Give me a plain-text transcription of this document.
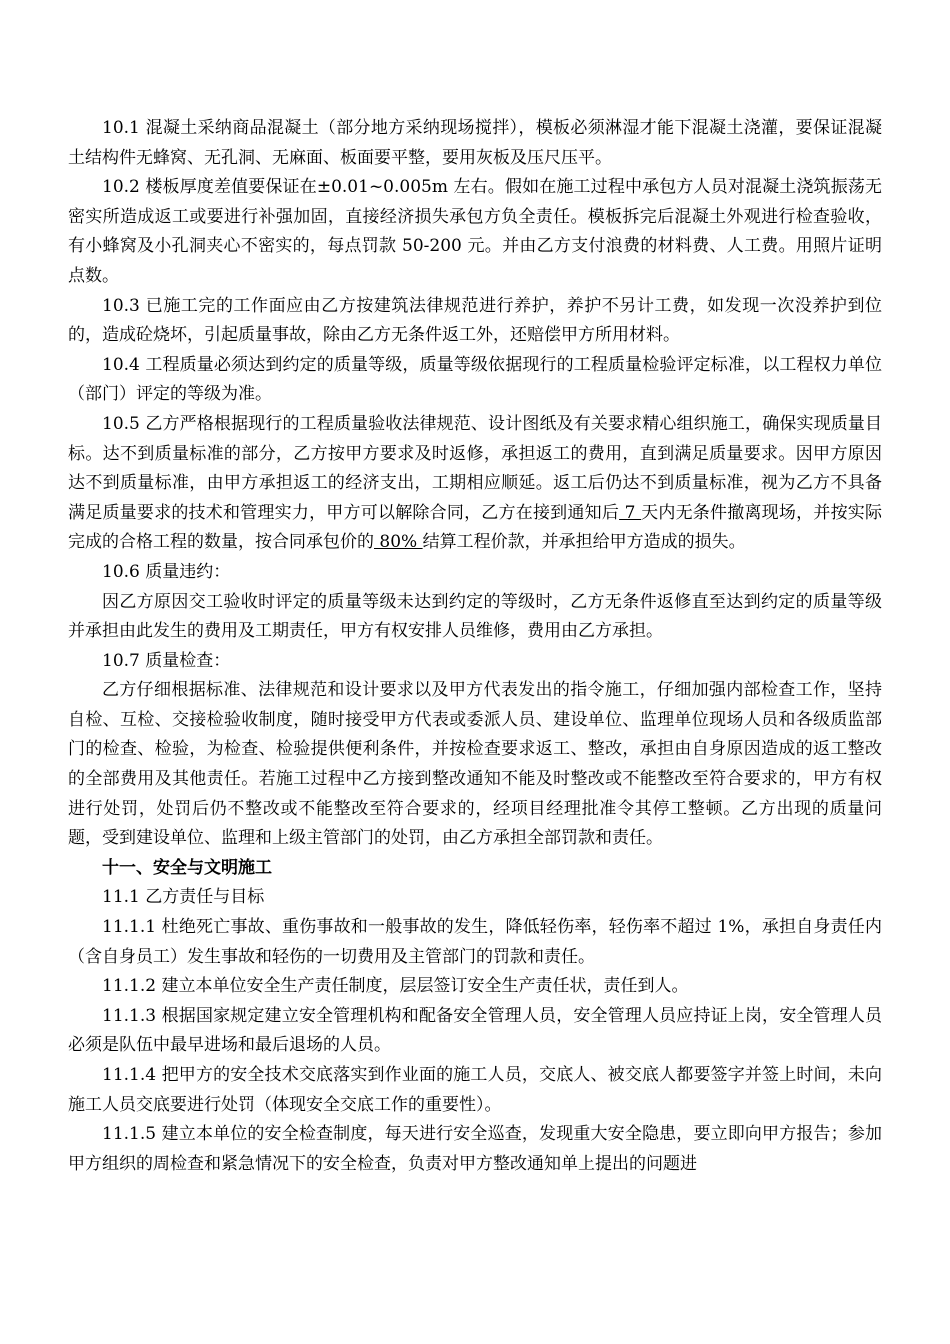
10.1 混凝土采纳商品混凝土（部分地方采纳现场搅拌），模板必须淋湿才能下混凝土浇灌，要保证混凝土结构件无蜂窝、无孔洞、无麻面、板面要平整，要用灰板及压尺压平。

10.2 楼板厚度差值要保证在±0.01~0.005m 左右。假如在施工过程中承包方人员对混凝土浇筑振荡无密实所造成返工或要进行补强加固，直接经济损失承包方负全责任。模板拆完后混凝土外观进行检查验收，有小蜂窝及小孔洞夹心不密实的，每点罚款 50-200 元。并由乙方支付浪费的材料费、人工费。用照片证明点数。

10.3 已施工完的工作面应由乙方按建筑法律规范进行养护，养护不另计工费，如发现一次没养护到位的，造成砼烧坏，引起质量事故，除由乙方无条件返工外，还赔偿甲方所用材料。

10.4 工程质量必须达到约定的质量等级，质量等级依据现行的工程质量检验评定标准，以工程权力单位（部门）评定的等级为准。

10.5 乙方严格根据现行的工程质量验收法律规范、设计图纸及有关要求精心组织施工，确保实现质量目标。达不到质量标准的部分，乙方按甲方要求及时返修，承担返工的费用，直到满足质量要求。因甲方原因达不到质量标准，由甲方承担返工的经济支出，工期相应顺延。返工后仍达不到质量标准，视为乙方不具备满足质量要求的技术和管理实力，甲方可以解除合同，乙方在接到通知后 7 天内无条件撤离现场，并按实际完成的合格工程的数量，按合同承包价的 80% 结算工程价款，并承担给甲方造成的损失。

10.6 质量违约：

因乙方原因交工验收时评定的质量等级未达到约定的等级时，乙方无条件返修直至达到约定的质量等级并承担由此发生的费用及工期责任，甲方有权安排人员维修，费用由乙方承担。

10.7 质量检查：

乙方仔细根据标准、法律规范和设计要求以及甲方代表发出的指令施工，仔细加强内部检查工作，坚持自检、互检、交接检验收制度，随时接受甲方代表或委派人员、建设单位、监理单位现场人员和各级质监部门的检查、检验，为检查、检验提供便利条件，并按检查要求返工、整改，承担由自身原因造成的返工整改的全部费用及其他责任。若施工过程中乙方接到整改通知不能及时整改或不能整改至符合要求的，甲方有权进行处罚，处罚后仍不整改或不能整改至符合要求的，经项目经理批准令其停工整顿。乙方出现的质量问题，受到建设单位、监理和上级主管部门的处罚，由乙方承担全部罚款和责任。

十一、安全与文明施工

11.1 乙方责任与目标

11.1.1 杜绝死亡事故、重伤事故和一般事故的发生，降低轻伤率，轻伤率不超过 1%，承担自身责任内（含自身员工）发生事故和轻伤的一切费用及主管部门的罚款和责任。

11.1.2 建立本单位安全生产责任制度，层层签订安全生产责任状，责任到人。

11.1.3 根据国家规定建立安全管理机构和配备安全管理人员，安全管理人员应持证上岗，安全管理人员必须是队伍中最早进场和最后退场的人员。

11.1.4 把甲方的安全技术交底落实到作业面的施工人员，交底人、被交底人都要签字并签上时间，未向施工人员交底要进行处罚（体现安全交底工作的重要性）。

11.1.5 建立本单位的安全检查制度，每天进行安全巡查，发现重大安全隐患，要立即向甲方报告；参加甲方组织的周检查和紧急情况下的安全检查，负责对甲方整改通知单上提出的问题进
